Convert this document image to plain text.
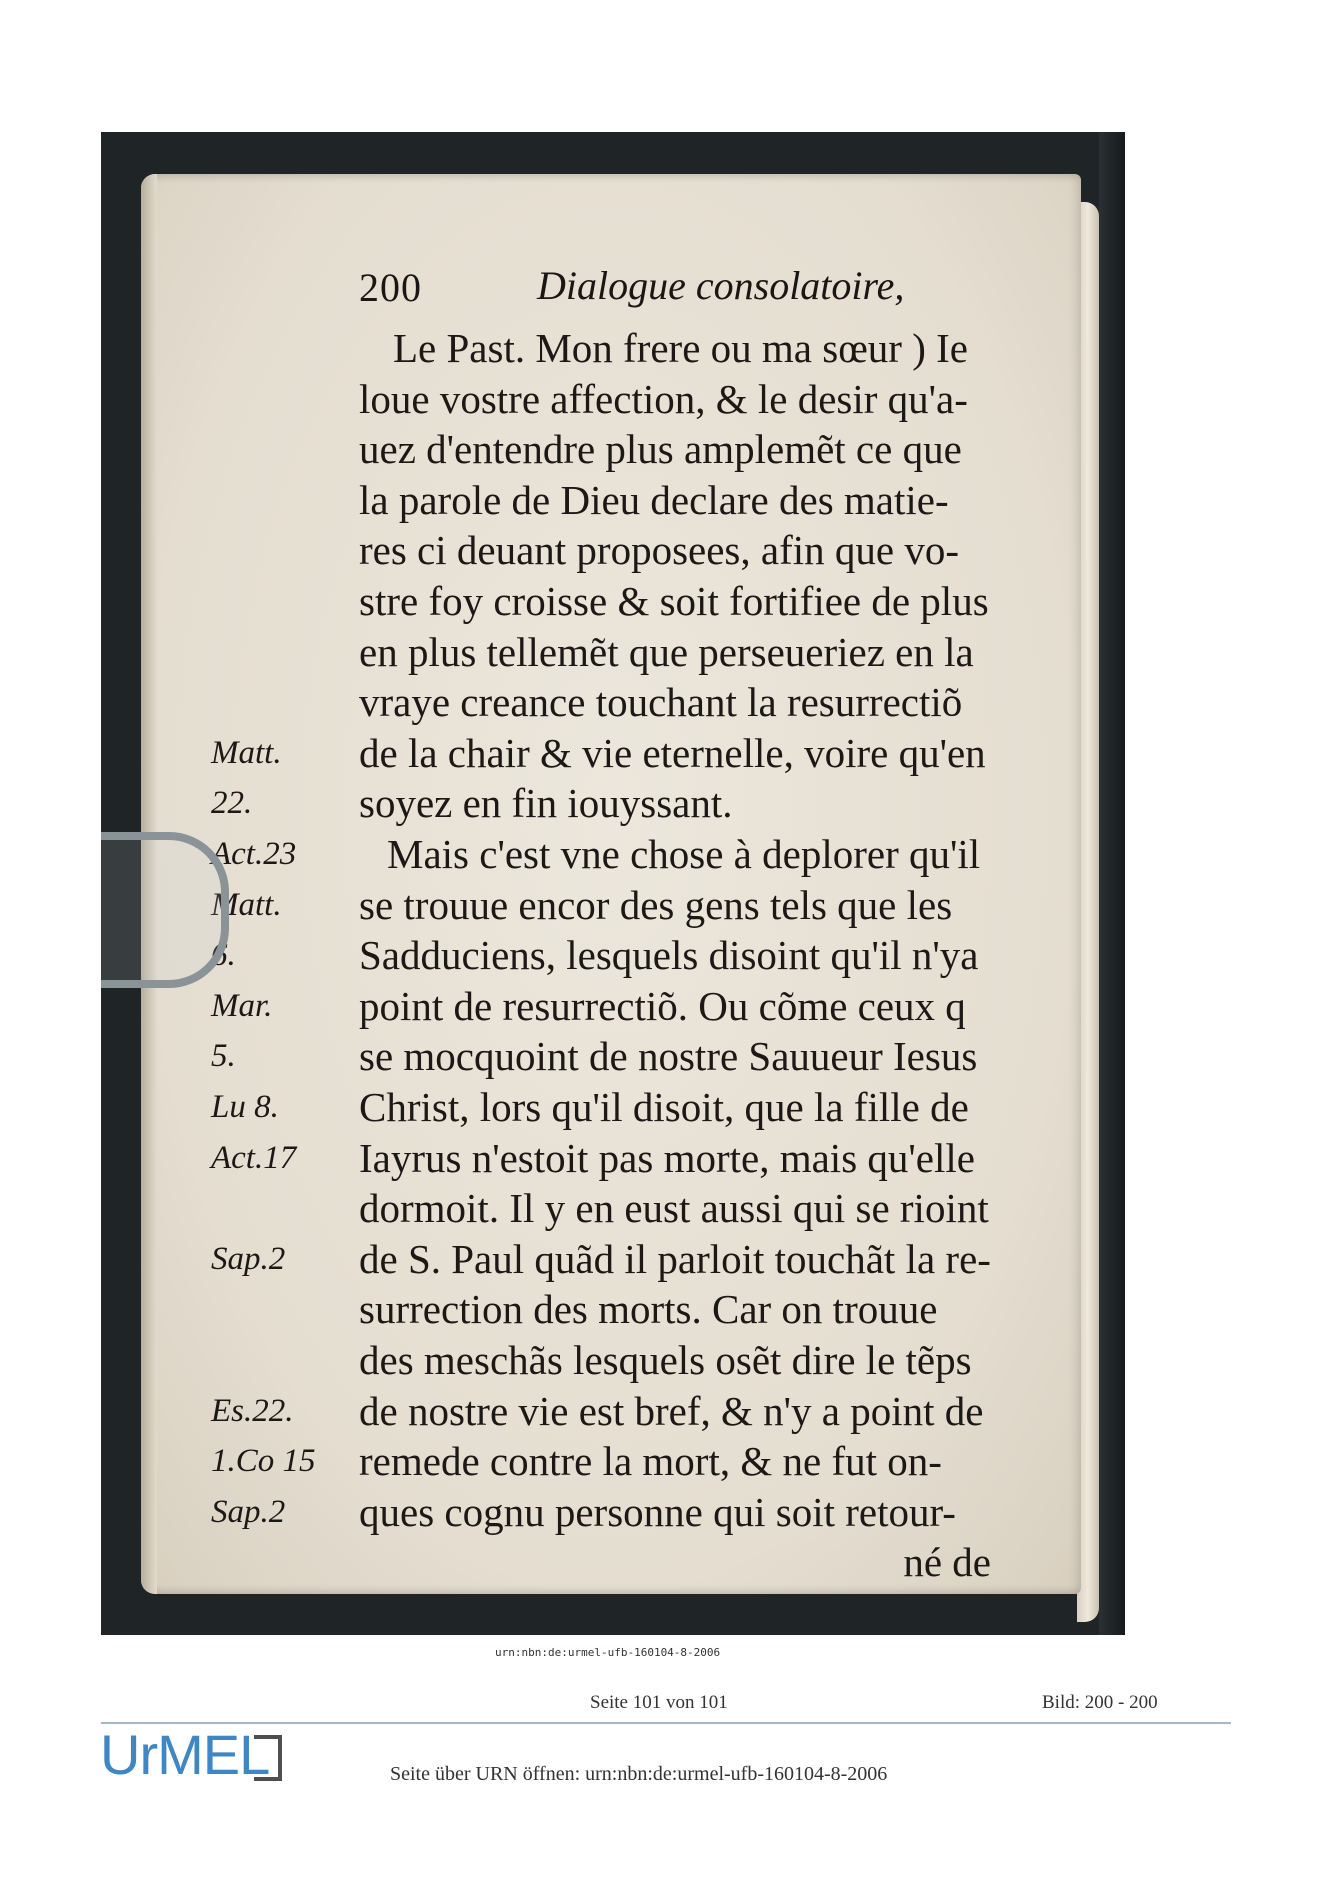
200	Dialogue consolatoire,
Le Past. Mon frere ou ma sœur ) Ie
loue vostre affection, & le desir qu'a-
uez d'entendre plus amplemẽt ce que
la parole de Dieu declare des matie-
res ci deuant proposees, afin que vo-
stre foy croisse & soit fortifiee de plus
en plus tellemẽt que perseueriez en la
vraye creance touchant la resurrectiõ
de la chair & vie eternelle, voire qu'en
soyez en fin iouyssant.
Mais c'est vne chose à deplorer qu'il
se trouue encor des gens tels que les
Sadduciens, lesquels disoint qu'il n'ya
point de resurrectiõ. Ou cõme ceux q
se mocquoint de nostre Sauueur Iesus
Christ, lors qu'il disoit, que la fille de
Iayrus n'estoit pas morte, mais qu'elle
dormoit. Il y en eust aussi qui se rioint
de S. Paul quãd il parloit touchãt la re-
surrection des morts. Car on trouue
des meschãs lesquels osẽt dire le tẽps
de nostre vie est bref, & n'y a point de
remede contre la mort, & ne fut on-
ques cognu personne qui soit retour-
Matt.
22.
Act.23
Matt.
6.
Mar.
5.
Lu 8.
Act.17
Sap.2
Es.22.
1.Co 15
Sap.2
né de
urn:nbn:de:urmel-ufb-160104-8-2006
Seite 101 von 101	Bild: 200 - 200
UrMEL	Seite über URN öffnen: urn:nbn:de:urmel-ufb-160104-8-2006
